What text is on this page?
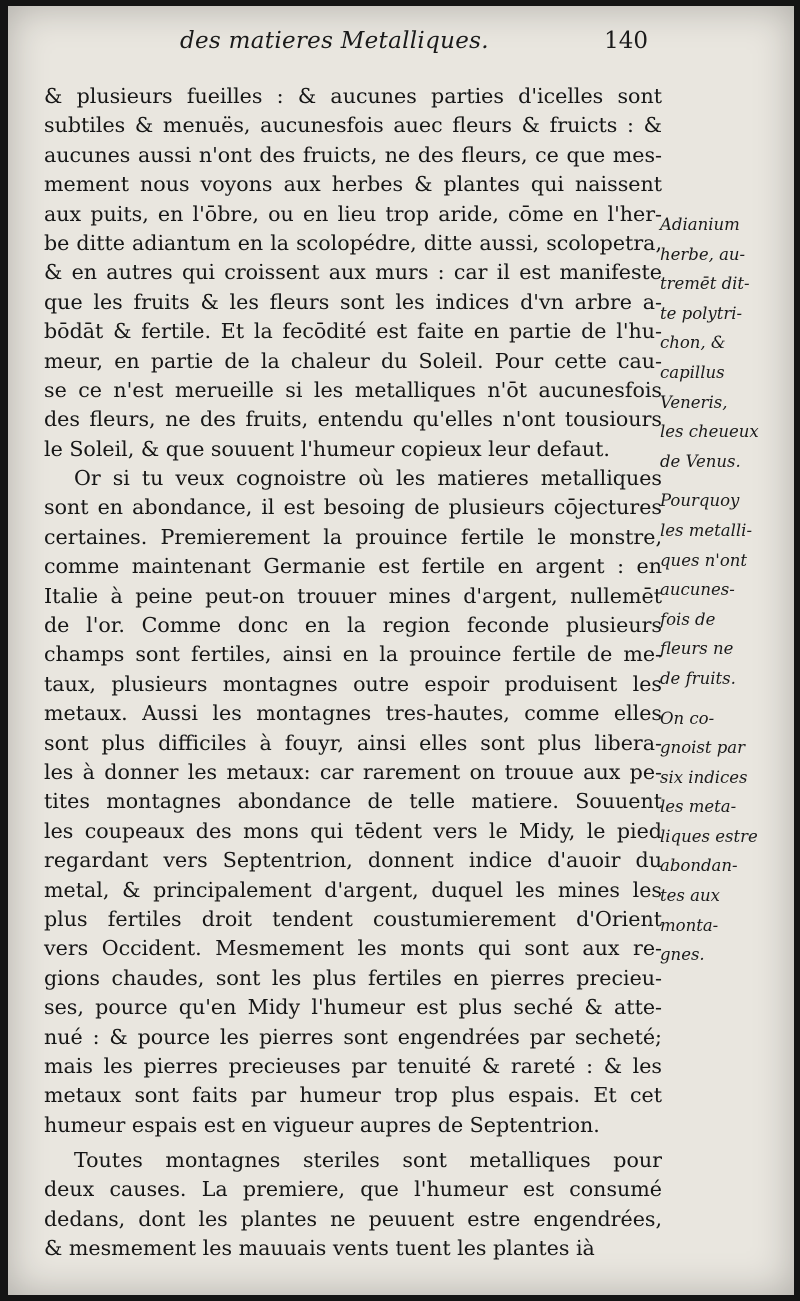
des matieres Metalliques.	140
& plusieurs fueilles : & aucunes parties d'icelles sont
subtiles & menuës, aucunesfois auec fleurs & fruicts : &
aucunes aussi n'ont des fruicts, ne des fleurs, ce que mes-
mement nous voyons aux herbes & plantes qui naissent
aux puits, en l'ōbre, ou en lieu trop aride, cōme en l'her-
be ditte adiantum en la scolopédre, ditte aussi, scolopetra,
& en autres qui croissent aux murs : car il est manifeste
que les fruits & les fleurs sont les indices d'vn arbre a-
bōdāt & fertile. Et la fecōdité est faite en partie de l'hu-
meur, en partie de la chaleur du Soleil. Pour cette cau-
se ce n'est merueille si les metalliques n'ōt aucunesfois
des fleurs, ne des fruits, entendu qu'elles n'ont tousiours
le Soleil, & que souuent l'humeur copieux leur defaut.
Or si tu veux cognoistre où les matieres metalliques
sont en abondance, il est besoing de plusieurs cōjectures
certaines. Premierement la prouince fertile le monstre,
comme maintenant Germanie est fertile en argent : en
Italie à peine peut-on trouuer mines d'argent, nullemēt
de l'or. Comme donc en la region feconde plusieurs
champs sont fertiles, ainsi en la prouince fertile de me-
taux, plusieurs montagnes outre espoir produisent les
metaux. Aussi les montagnes tres-hautes, comme elles
sont plus difficiles à fouyr, ainsi elles sont plus libera-
les à donner les metaux: car rarement on trouue aux pe-
tites montagnes abondance de telle matiere. Souuent
les coupeaux des mons qui tēdent vers le Midy, le pied
regardant vers Septentrion, donnent indice d'auoir du
metal, & principalement d'argent, duquel les mines les
plus fertiles droit tendent coustumierement d'Orient
vers Occident. Mesmement les monts qui sont aux re-
gions chaudes, sont les plus fertiles en pierres precieu-
ses, pource qu'en Midy l'humeur est plus seché & atte-
nué : & pource les pierres sont engendrées par secheté;
mais les pierres precieuses par tenuité & rareté : & les
metaux sont faits par humeur trop plus espais. Et cet
humeur espais est en vigueur aupres de Septentrion.
Toutes montagnes steriles sont metalliques pour
deux causes. La premiere, que l'humeur est consumé
dedans, dont les plantes ne peuuent estre engendrées,
& mesmement les mauuais vents tuent les plantes ià
Adianium
herbe, au-
tremēt dit-
te polytri-
chon, &
capillus
Veneris,
les cheueux
de Venus.
Pourquoy
les metalli-
ques n'ont
aucunes-
fois de
fleurs ne
de fruits.
On co-
gnoist par
six indices
les meta-
liques estre
abondan-
tes aux
monta-
gnes.
